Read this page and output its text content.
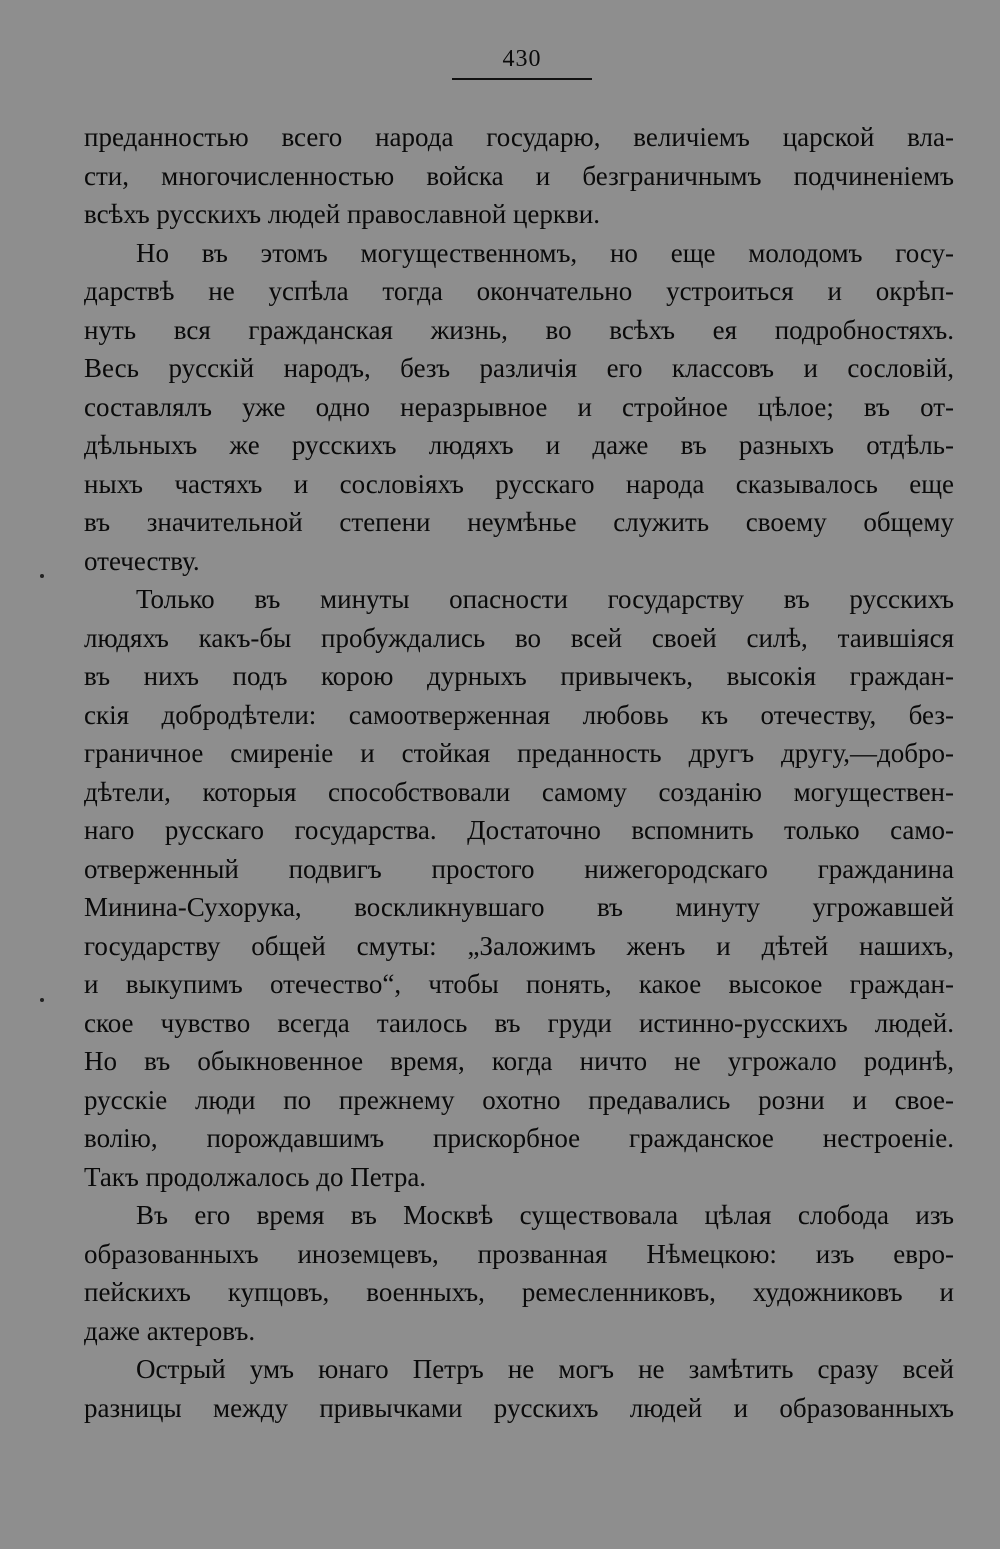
430
преданностью всего народа государю, величіемъ царской вла-
сти, многочисленностью войска и безграничнымъ подчиненіемъ
всѣхъ русскихъ людей православной церкви.
Но въ этомъ могущественномъ, но еще молодомъ госу-
дарствѣ не успѣла тогда окончательно устроиться и окрѣп-
нуть вся гражданская жизнь, во всѣхъ ея подробностяхъ.
Весь русскій народъ, безъ различія его классовъ и сословій,
составлялъ уже одно неразрывное и стройное цѣлое; въ от-
дѣльныхъ же русскихъ людяхъ и даже въ разныхъ отдѣль-
ныхъ частяхъ и сословіяхъ русскаго народа сказывалось еще
въ значительной степени неумѣнье служить своему общему
отечеству.
Только въ минуты опасности государству въ русскихъ
людяхъ какъ-бы пробуждались во всей своей силѣ, таившіяся
въ нихъ подъ корою дурныхъ привычекъ, высокія граждан-
скія добродѣтели: самоотверженная любовь къ отечеству, без-
граничное смиреніе и стойкая преданность другъ другу,—добро-
дѣтели, которыя способствовали самому созданію могуществен-
наго русскаго государства. Достаточно вспомнить только само-
отверженный подвигъ простого нижегородскаго гражданина
Минина-Сухорука, воскликнувшаго въ минуту угрожавшей
государству общей смуты: „Заложимъ женъ и дѣтей нашихъ,
и выкупимъ отечество“, чтобы понять, какое высокое граждан-
ское чувство всегда таилось въ груди истинно-русскихъ людей.
Но въ обыкновенное время, когда ничто не угрожало родинѣ,
русскіе люди по прежнему охотно предавались розни и свое-
волію, порождавшимъ прискорбное гражданское нестроеніе.
Такъ продолжалось до Петра.
Въ его время въ Москвѣ существовала цѣлая слобода изъ
образованныхъ иноземцевъ, прозванная Нѣмецкою: изъ евро-
пейскихъ купцовъ, военныхъ, ремесленниковъ, художниковъ и
даже актеровъ.
Острый умъ юнаго Петръ не могъ не замѣтить сразу всей
разницы между привычками русскихъ людей и образованныхъ
